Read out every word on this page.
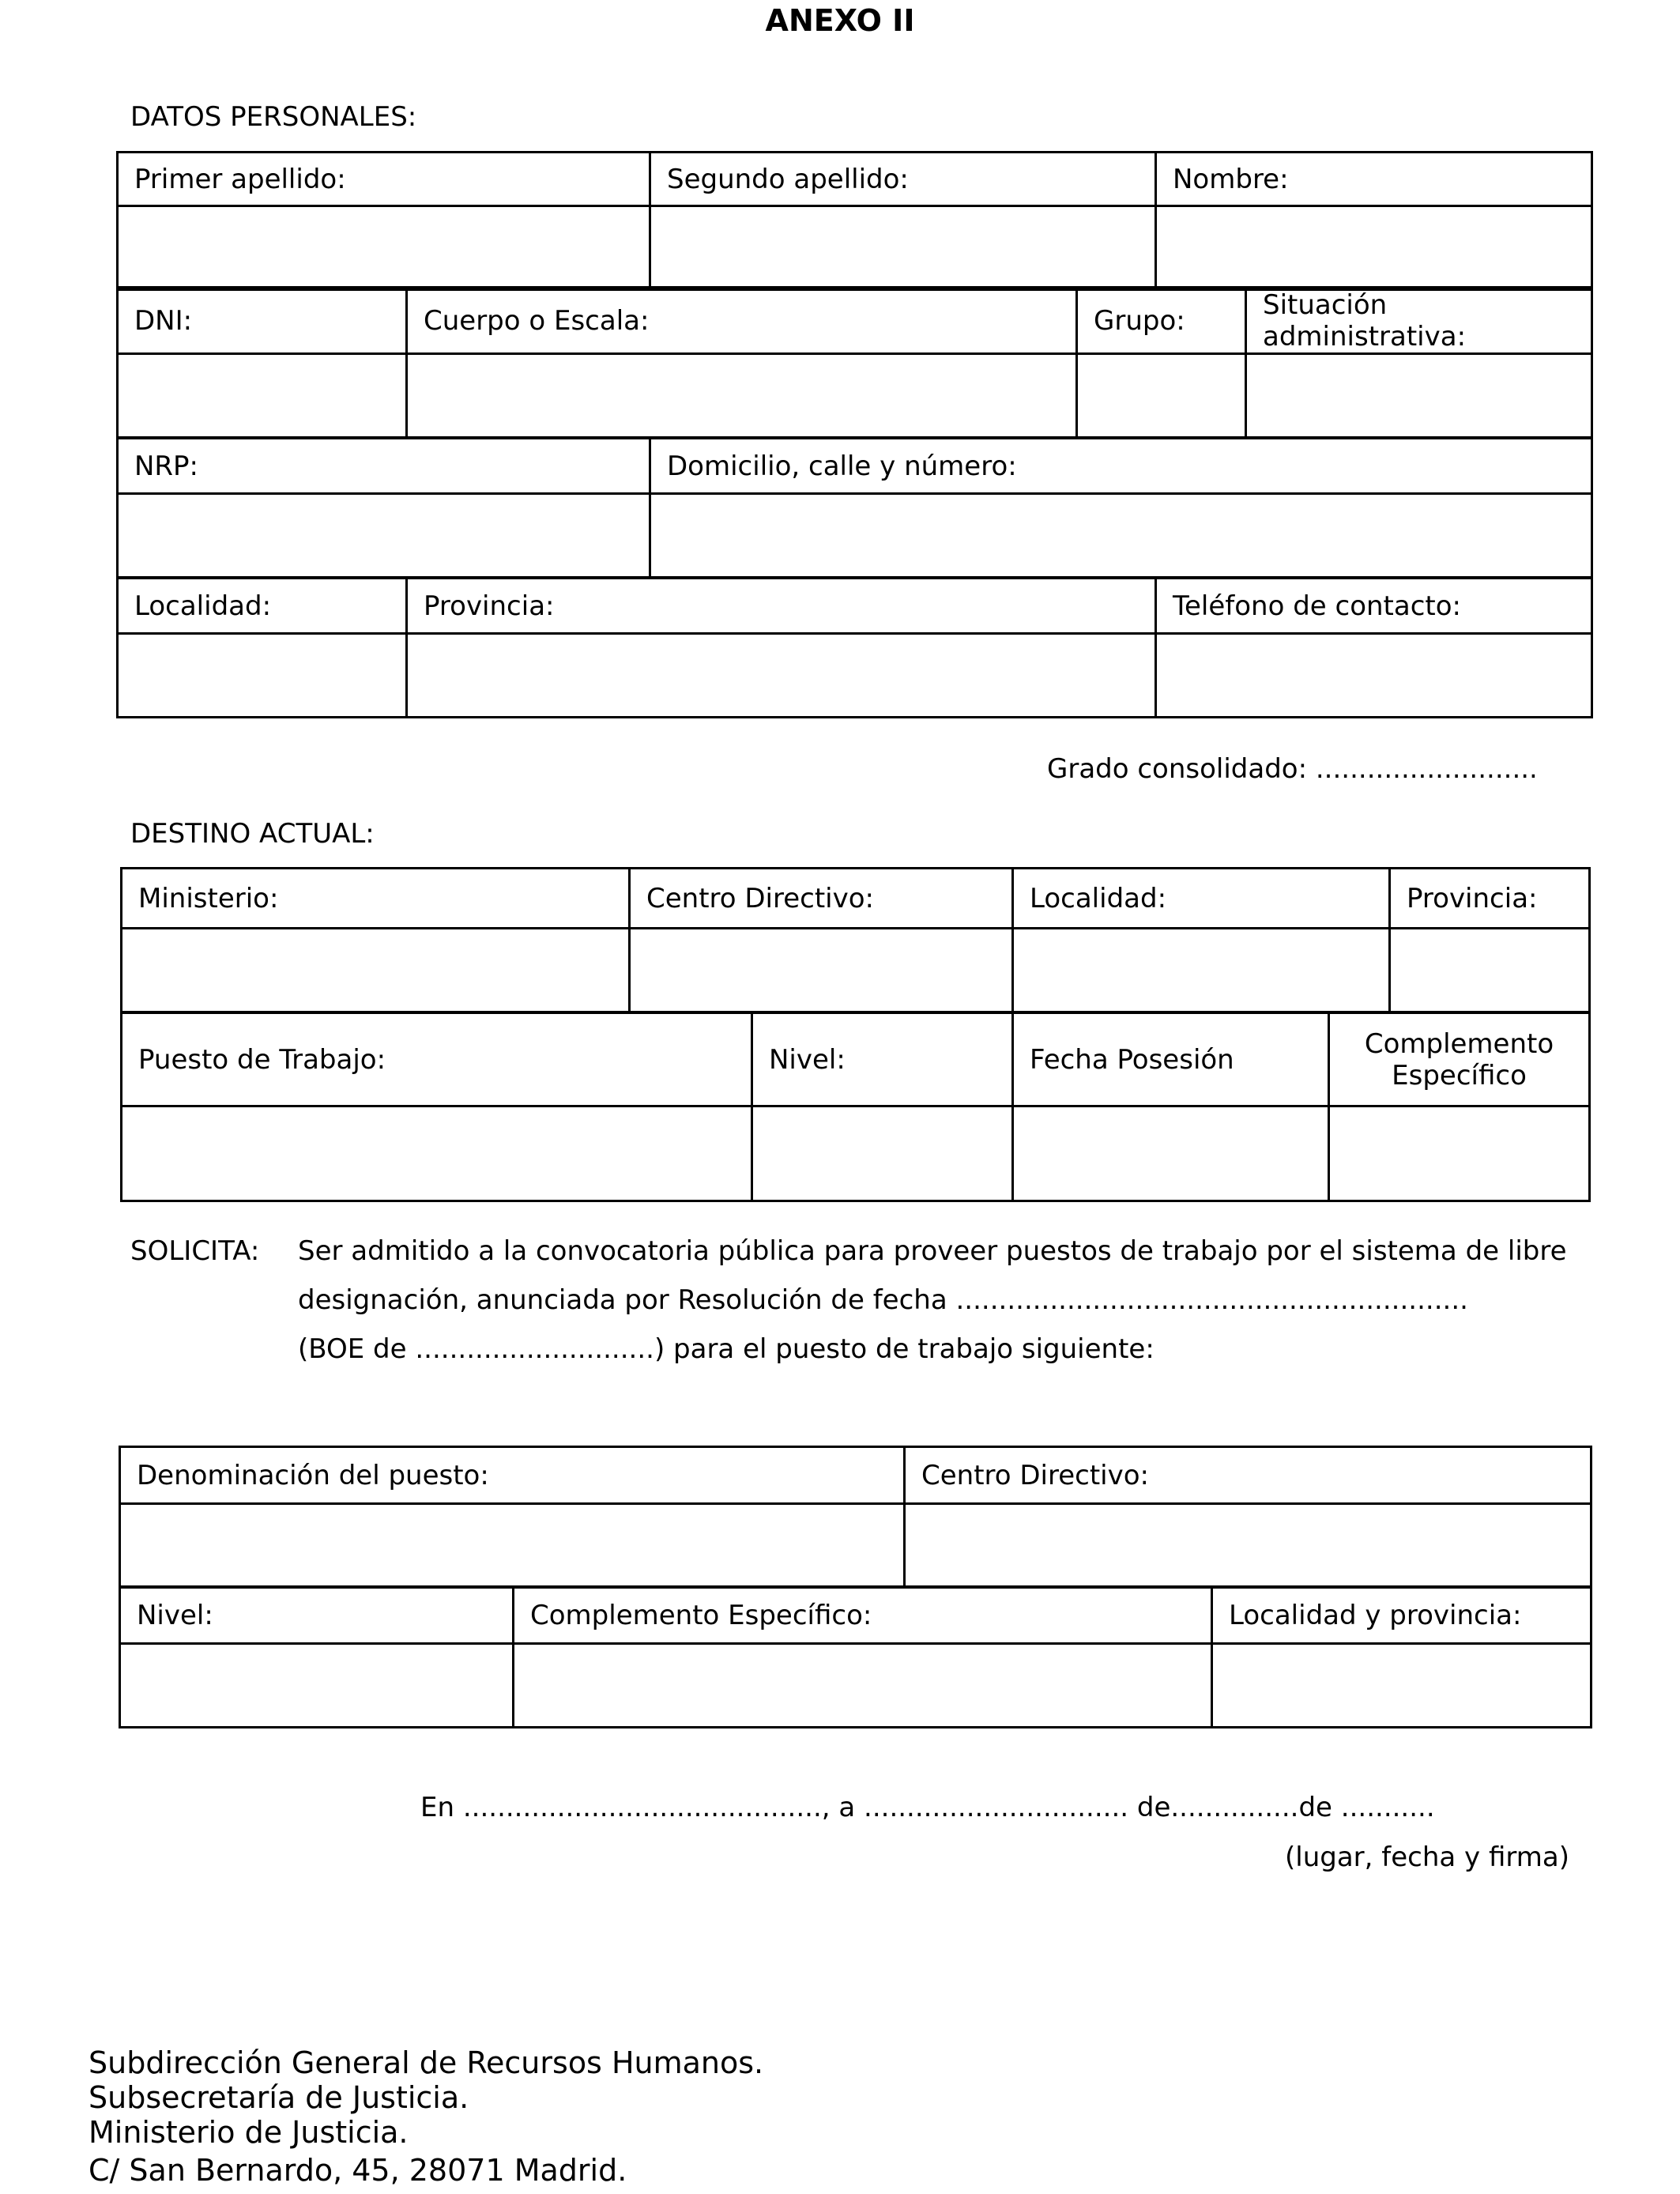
ANEXO II
DATOS PERSONALES:
Primer apellido:	Segundo apellido:	Nombre:

DNI:	Cuerpo o Escala:	Grupo:	Situación administrativa:

NRP:	Domicilio, calle y número:

Localidad:	Provincia:	Teléfono de contacto:

Grado consolidado: ..........................
DESTINO ACTUAL:
Ministerio:	Centro Directivo:	Localidad:	Provincia:

Puesto de Trabajo:	Nivel:	Fecha Posesión	Complemento Específico

SOLICITA: Ser admitido a la convocatoria pública para proveer puestos de trabajo por el sistema de libre
designación, anunciada por Resolución de fecha ............................................................
(BOE de ............................) para el puesto de trabajo siguiente:
Denominación del puesto:	Centro Directivo:

Nivel:	Complemento Específico:	Localidad y provincia:

En .........................................., a ............................... de...............de ...........
(lugar, fecha y firma)
Subdirección General de Recursos Humanos.
Subsecretaría de Justicia.
Ministerio de Justicia.
C/ San Bernardo, 45, 28071 Madrid.
